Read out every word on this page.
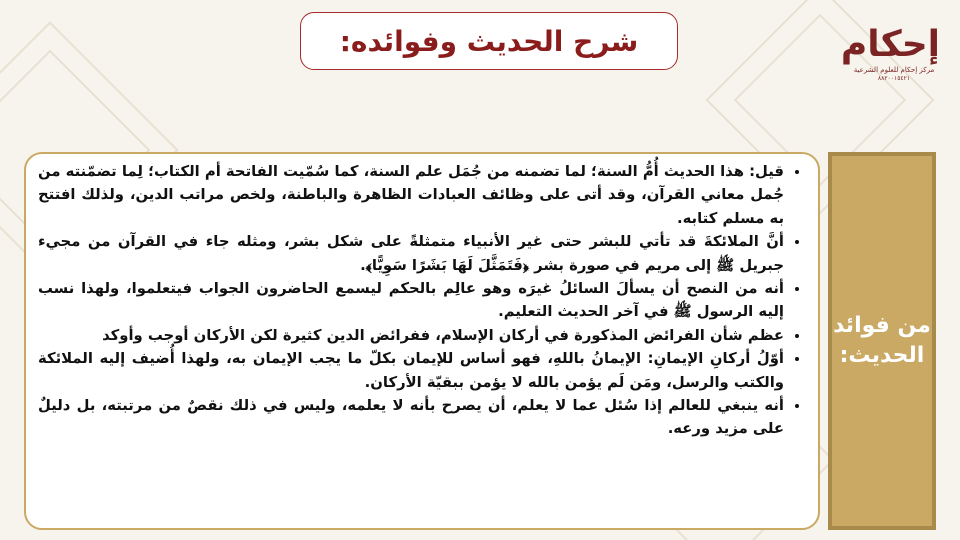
شرح الحديث وفوائده:	إحكام
مركز إحكام للعلوم الشرعية
٨٨٢٠٠١٥٤٢١
من فوائد
الحديث:
• قيل: هذا الحديث أُمُّ السنة؛ لما تضمنه من جُمَل علم السنة، كما سُمّيت الفاتحة أم الكتاب؛ لِما تضمّنته من جُمل معاني القرآن، وقد أتى على وظائف العبادات الظاهرة والباطنة، ولخص مراتب الدين، ولذلك افتتح به مسلم كتابه.
• أنَّ الملائكةَ قد تأتي للبشر حتى غير الأنبياء متمثلةً على شكل بشر، ومثله جاء في القرآن من مجيء جبريل ﷺ إلى مريم في صورة بشر ﴿فَتَمَثَّلَ لَهَا بَشَرًا سَوِيًّا﴾.
• أنه من النصح أن يسألَ السائلُ غيرَه وهو عالِم بالحكم ليسمع الحاضرون الجواب فيتعلموا، ولهذا نسب إليه الرسول ﷺ في آخر الحديث التعليم.
• عظم شأن الفرائض المذكورة في أركان الإسلام، ففرائض الدين كثيرة لكن الأركان أوجب وأوكد
• أوّلُ أركانِ الإيمانِ: الإيمانُ باللهِ، فهو أساس للإيمان بكلّ ما يجب الإيمان به، ولهذا أُضيف إليه الملائكة والكتب والرسل، ومَن لَم يؤمن بالله لا يؤمن ببقيّة الأركان.
• أنه ينبغي للعالم إذا سُئل عما لا يعلم، أن يصرح بأنه لا يعلمه، وليس في ذلك نقصٌ من مرتبته، بل دليلٌ على مزيد ورعه.
